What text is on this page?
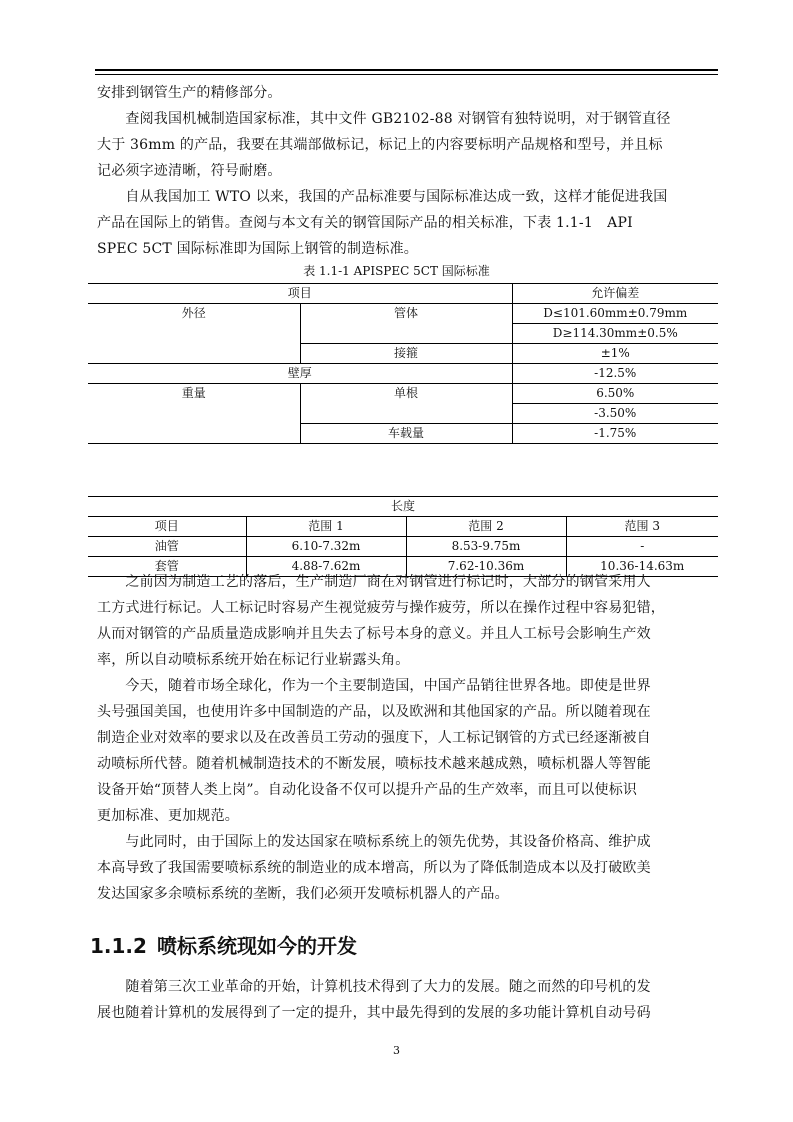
安排到钢管生产的精修部分。

　　查阅我国机械制造国家标准，其中文件 GB2102-88 对钢管有独特说明，对于钢管直径
大于 36mm 的产品，我要在其端部做标记，标记上的内容要标明产品规格和型号，并且标
记必须字迹清晰，符号耐磨。

　　自从我国加工 WTO 以来，我国的产品标准要与国际标准达成一致，这样才能促进我国
产品在国际上的销售。查阅与本文有关的钢管国际产品的相关标准，下表 1.1-1　API
SPEC 5CT 国际标准即为国际上钢管的制造标准。

表 1.1-1 APISPEC 5CT 国际标准
项目		允许偏差
外径	管体	D≤101.60mm±0.79mm
		D≥114.30mm±0.5%
	接箍	±1%
壁厚		-12.5%
重量	单根	6.50%
		-3.50%
	车载量	-1.75%
长度			
项目	范围 1	范围 2	范围 3
油管	6.10-7.32m	8.53-9.75m	-
套管	4.88-7.62m	7.62-10.36m	10.36-14.63m

　　之前因为制造工艺的落后，生产制造厂商在对钢管进行标记时，大部分的钢管采用人
工方式进行标记。人工标记时容易产生视觉疲劳与操作疲劳，所以在操作过程中容易犯错，
从而对钢管的产品质量造成影响并且失去了标号本身的意义。并且人工标号会影响生产效
率，所以自动喷标系统开始在标记行业崭露头角。

　　今天，随着市场全球化，作为一个主要制造国，中国产品销往世界各地。即使是世界
头号强国美国，也使用许多中国制造的产品，以及欧洲和其他国家的产品。所以随着现在
制造企业对效率的要求以及在改善员工劳动的强度下，人工标记钢管的方式已经逐渐被自
动喷标所代替。随着机械制造技术的不断发展，喷标技术越来越成熟，喷标机器人等智能
设备开始“顶替人类上岗”。自动化设备不仅可以提升产品的生产效率，而且可以使标识
更加标准、更加规范。

　　与此同时，由于国际上的发达国家在喷标系统上的领先优势，其设备价格高、维护成
本高导致了我国需要喷标系统的制造业的成本增高，所以为了降低制造成本以及打破欧美
发达国家多余喷标系统的垄断，我们必须开发喷标机器人的产品。

1.1.2 喷标系统现如今的开发

　　随着第三次工业革命的开始，计算机技术得到了大力的发展。随之而然的印号机的发
展也随着计算机的发展得到了一定的提升，其中最先得到的发展的多功能计算机自动号码

3
